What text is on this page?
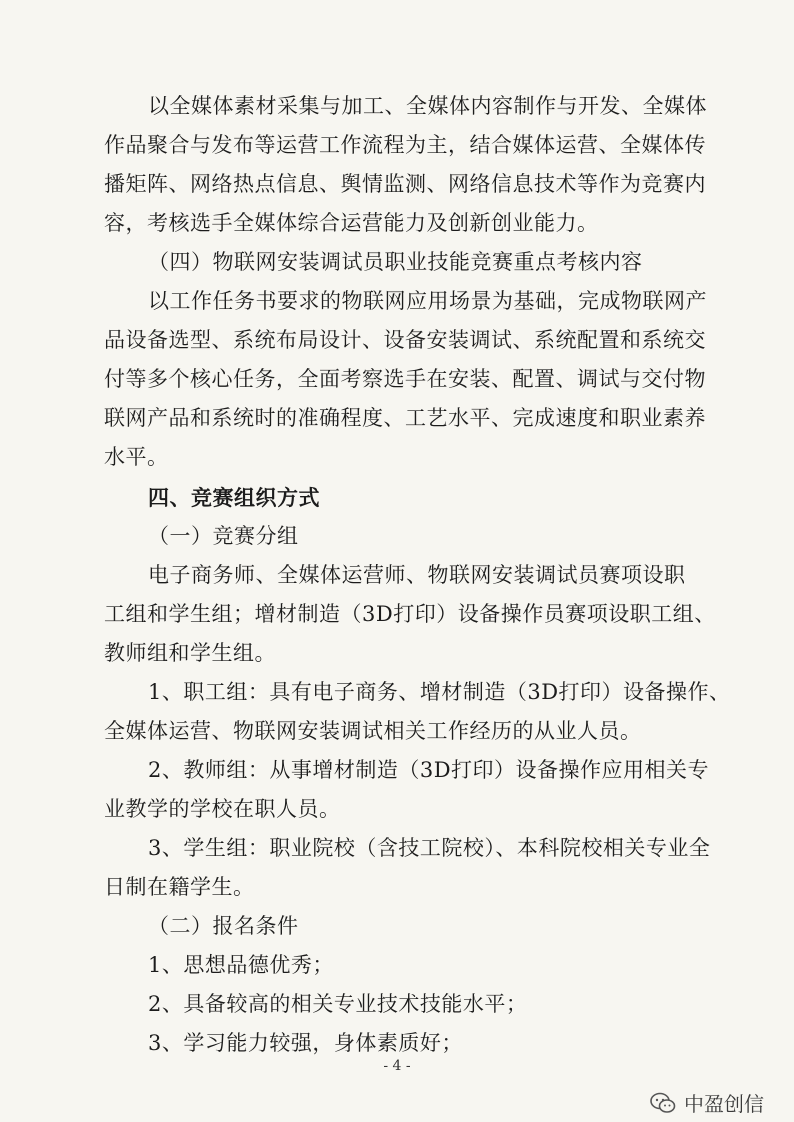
以全媒体素材采集与加工、全媒体内容制作与开发、全媒体
作品聚合与发布等运营工作流程为主，结合媒体运营、全媒体传
播矩阵、网络热点信息、舆情监测、网络信息技术等作为竞赛内
容，考核选手全媒体综合运营能力及创新创业能力。
（四）物联网安装调试员职业技能竞赛重点考核内容
以工作任务书要求的物联网应用场景为基础，完成物联网产
品设备选型、系统布局设计、设备安装调试、系统配置和系统交
付等多个核心任务，全面考察选手在安装、配置、调试与交付物
联网产品和系统时的准确程度、工艺水平、完成速度和职业素养
水平。
四、竞赛组织方式
（一）竞赛分组
电子商务师、全媒体运营师、物联网安装调试员赛项设职
工组和学生组；增材制造（3D打印）设备操作员赛项设职工组、
教师组和学生组。
1、职工组：具有电子商务、增材制造（3D打印）设备操作、
全媒体运营、物联网安装调试相关工作经历的从业人员。
2、教师组：从事增材制造（3D打印）设备操作应用相关专
业教学的学校在职人员。
3、学生组：职业院校（含技工院校）、本科院校相关专业全
日制在籍学生。
（二）报名条件
1、思想品德优秀；
2、具备较高的相关专业技术技能水平；
3、学习能力较强，身体素质好；
- 4 -
中盈创信
